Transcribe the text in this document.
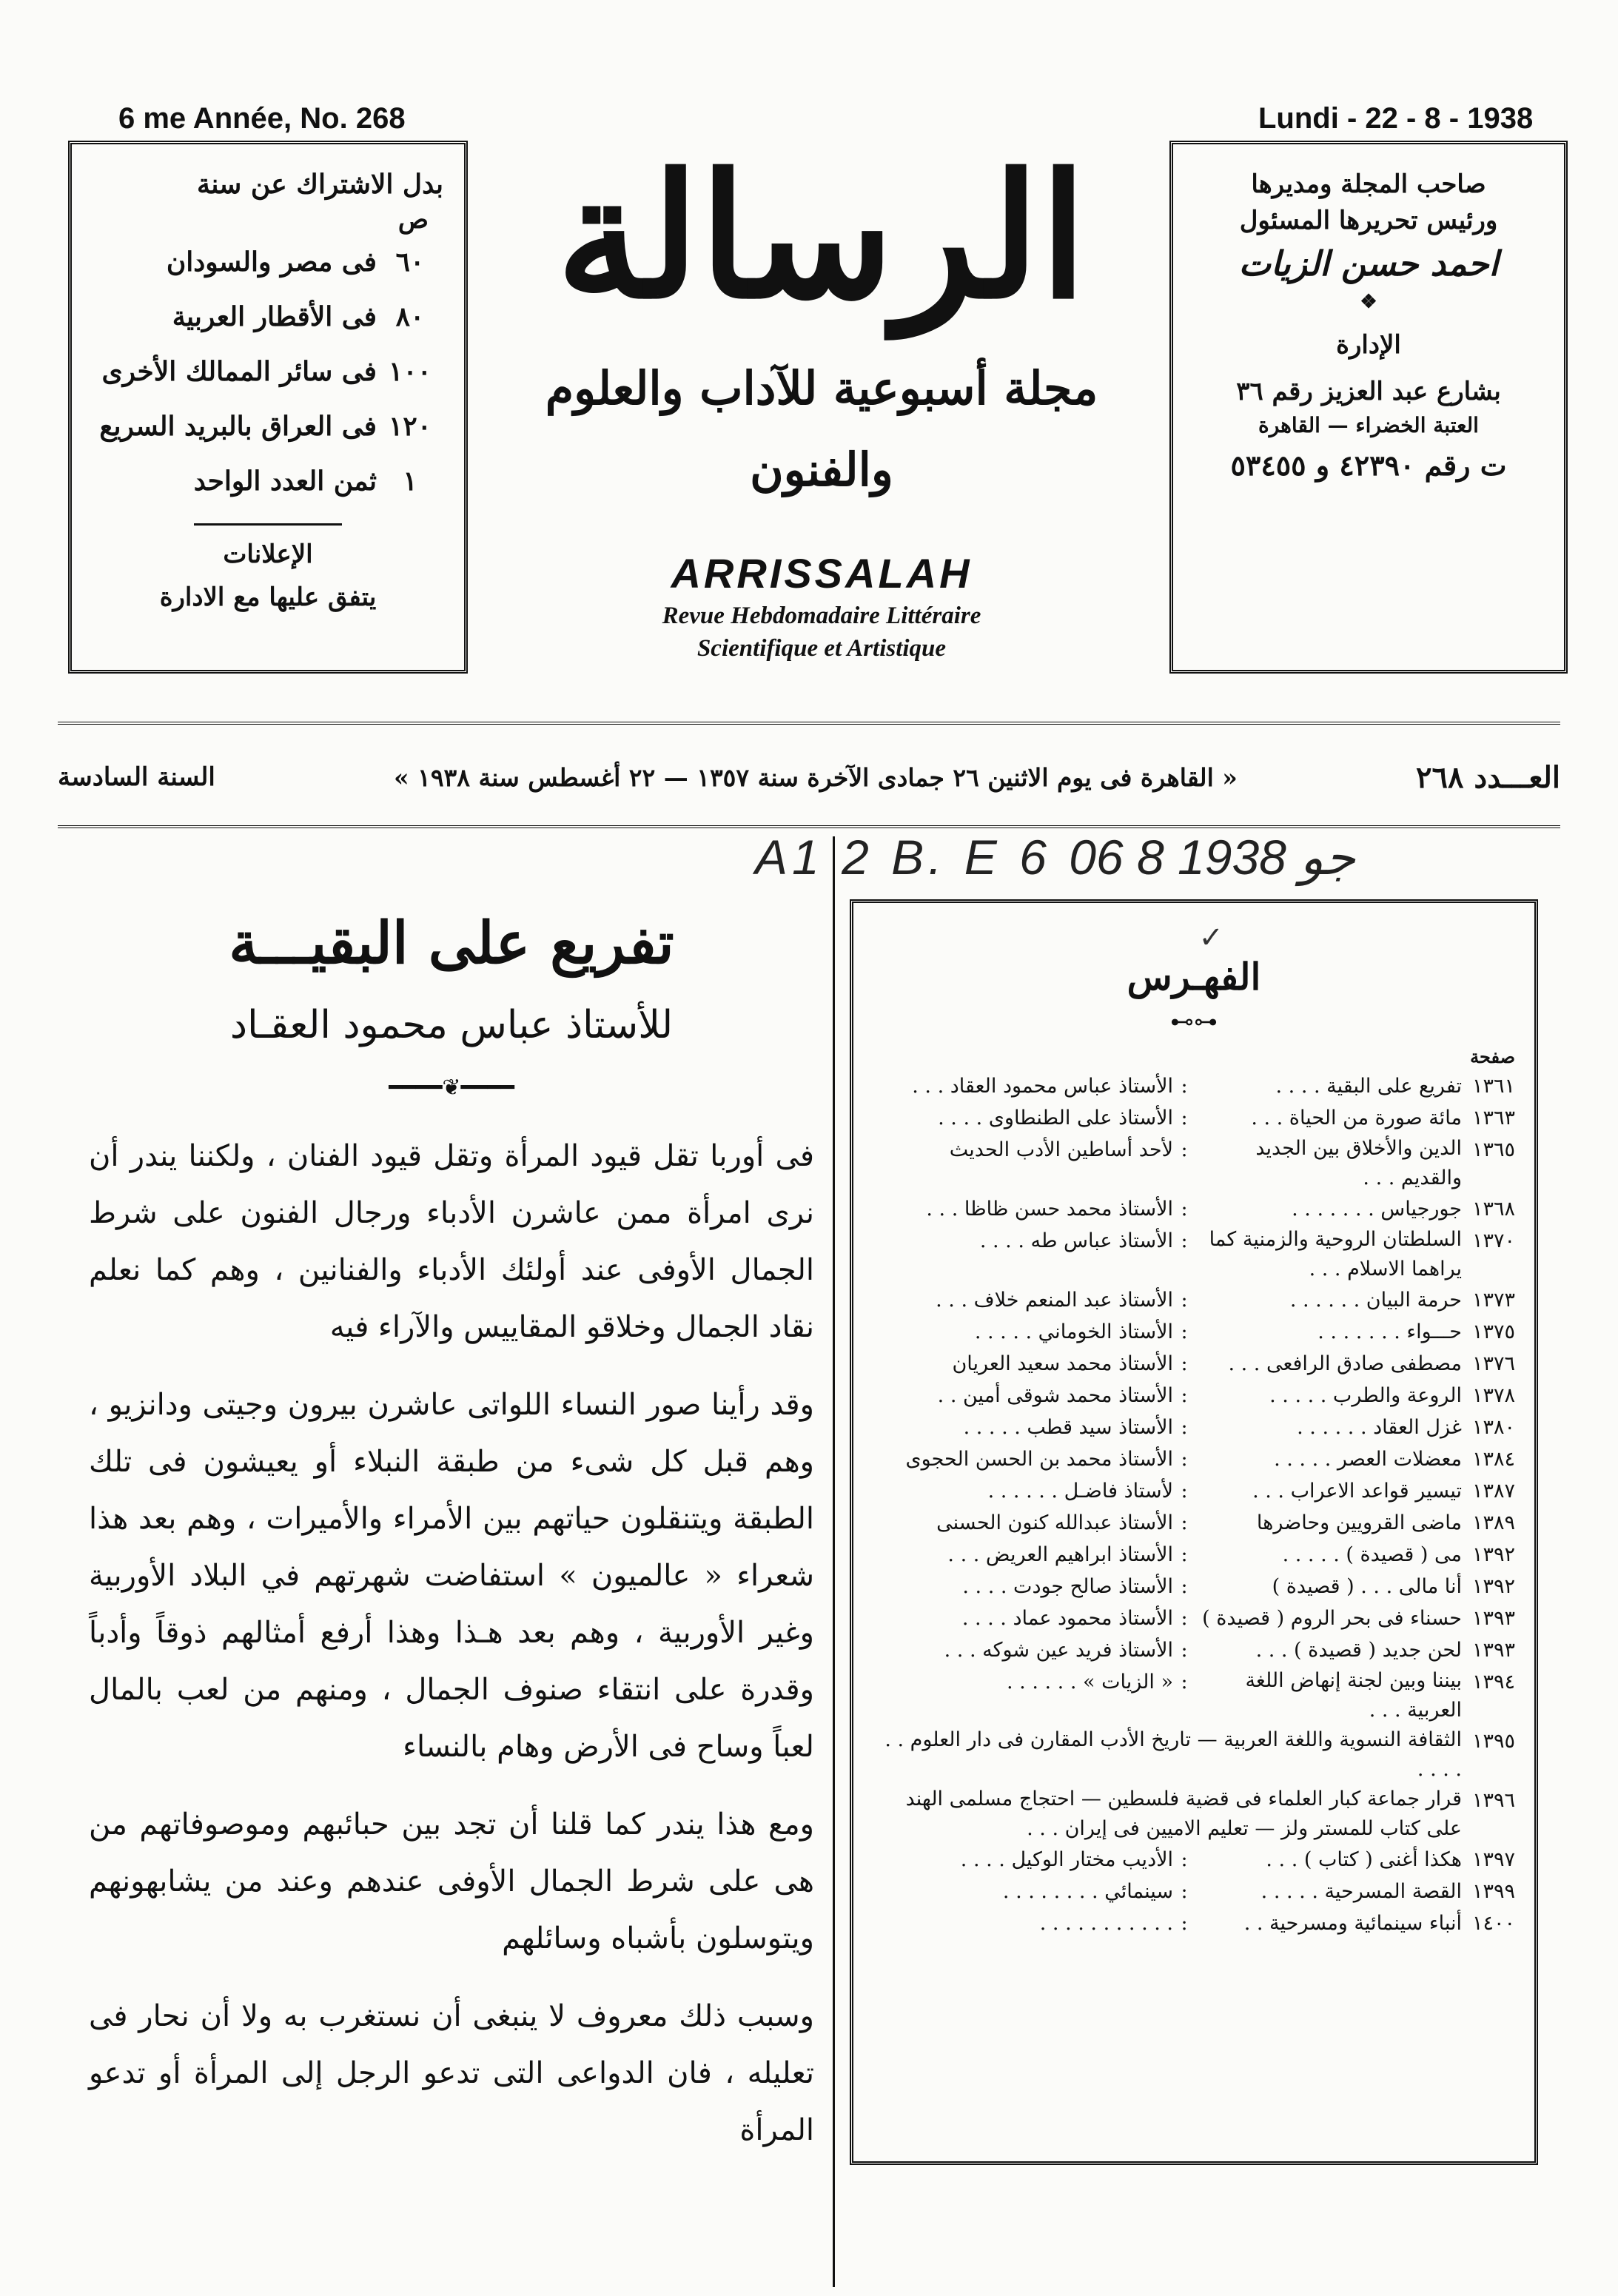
6 me Année, No. 268	Lundi - 22 - 8 - 1938
بدل الاشتراك عن سنة
ص
٦٠
فى مصر والسودان
٨٠
فى الأقطار العربية
١٠٠
فى سائر الممالك الأخرى
١٢٠
فى العراق بالبريد السريع
١
ثمن العدد الواحد
الإعلانات
يتفق عليها مع الادارة
الرسالة
مجلة أسبوعية للآداب والعلوم والفنون
ARRISSALAH
Revue Hebdomadaire Littéraire
Scientifique et Artistique
صاحب المجلة ومديرها
ورئيس تحريرها المسئول
احمد حسن الزيات
❖
الإدارة
بشارع عبد العزيز رقم ٣٦
العتبة الخضراء — القاهرة
ت رقم ٤٢٣٩٠ و ٥٣٤٥٥
العـــدد ٢٦٨
« القاهرة فى يوم الاثنين ٢٦ جمادى الآخرة سنة ١٣٥٧ — ٢٢ أغسطس سنة ١٩٣٨ »
السنة السادسة
A1 2 B. E 6 جو 1938 8 06
✓
الفهـرس
⊷⊶
صفحة
١٣٦١
تفريع على البقية . . . .
:
الأستاذ عباس محمود العقاد . . .
١٣٦٣
مائة صورة من الحياة . . .
:
الأستاذ على الطنطاوى . . . .
١٣٦٥
الدين والأخلاق بين الجديد والقديم . . .
:
لأحد أساطين الأدب الحديث
١٣٦٨
جورجياس . . . . . . .
:
الأستاذ محمد حسن ظاظا . . .
١٣٧٠
السلطتان الروحية والزمنية كما يراهما الاسلام . . .
:
الأستاذ عباس طه . . . .
١٣٧٣
حرمة البيان . . . . . .
:
الأستاذ عبد المنعم خلاف . . .
١٣٧٥
حـــواء . . . . . . .
:
الأستاذ الخوماني . . . . .
١٣٧٦
مصطفى صادق الرافعى . . .
:
الأستاذ محمد سعيد العريان
١٣٧٨
الروعة والطرب . . . . .
:
الأستاذ محمد شوقى أمين . .
١٣٨٠
غزل العقاد . . . . . .
:
الأستاذ سيد قطب . . . . .
١٣٨٤
معضلات العصر . . . . .
:
الأستاذ محمد بن الحسن الحجوى
١٣٨٧
تيسير قواعد الاعراب . . .
:
لأستاذ فاضـل . . . . . .
١٣٨٩
ماضى القرويين وحاضرها
:
الأستاذ عبدالله كنون الحسنى
١٣٩٢
مى ( قصيدة ) . . . . .
:
الأستاذ ابراهيم العريض . . .
١٣٩٢
أنا مالى . . . ( قصيدة )
:
الأستاذ صالح جودت . . . .
١٣٩٣
حسناء فى بحر الروم ( قصيدة )
:
الأستاذ محمود عماد . . . .
١٣٩٣
لحن جديد ( قصيدة ) . . .
:
الأستاذ فريد عين شوكه . . .
١٣٩٤
بيننا وبين لجنة إنهاض اللغة العربية . . .
:
« الزيات » . . . . . .
١٣٩٥
الثقافة النسوية واللغة العربية — تاريخ الأدب المقارن فى دار العلوم . . . . . .
١٣٩٦
قرار جماعة كبار العلماء فى قضية فلسطين — احتجاج مسلمى الهند على كتاب للمستر ولز — تعليم الاميين فى إيران . . .
١٣٩٧
هكذا أغنى ( كتاب ) . . .
:
الأديب مختار الوكيل . . . .
١٣٩٩
القصة المسرحية . . . . .
:
سينمائي . . . . . . . .
١٤٠٠
أنباء سينمائية ومسرحية . .
:
. . . . . . . . . . .
تفريع على البقيـــة
للأستاذ عباس محمود العقـاد
━━━━❦━━━━

فى أوربا تقل قيود المرأة وتقل قيود الفنان ، ولكننا يندر أن نرى امرأة ممن عاشرن الأدباء ورجال الفنون على شرط الجمال الأوفى عند أولئك الأدباء والفنانين ، وهم كما نعلم نقاد الجمال وخلاقو المقاييس والآراء فيه

وقد رأينا صور النساء اللواتى عاشرن بيرون وجيتى ودانزيو ، وهم قبل كل شىء من طبقة النبلاء أو يعيشون فى تلك الطبقة ويتنقلون حياتهم بين الأمراء والأميرات ، وهم بعد هذا شعراء « عالميون » استفاضت شهرتهم في البلاد الأوربية وغير الأوربية ، وهم بعد هـذا وهذا أرفع أمثالهم ذوقاً وأدباً وقدرة على انتقاء صنوف الجمال ، ومنهم من لعب بالمال لعباً وساح فى الأرض وهام بالنساء

ومع هذا يندر كما قلنا أن تجد بين حبائبهم وموصوفاتهم من هى على شرط الجمال الأوفى عندهم وعند من يشابهونهم ويتوسلون بأشباه وسائلهم

وسبب ذلك معروف لا ينبغى أن نستغرب به ولا أن نحار فى تعليله ، فان الدواعى التى تدعو الرجل إلى المرأة أو تدعو المرأة
